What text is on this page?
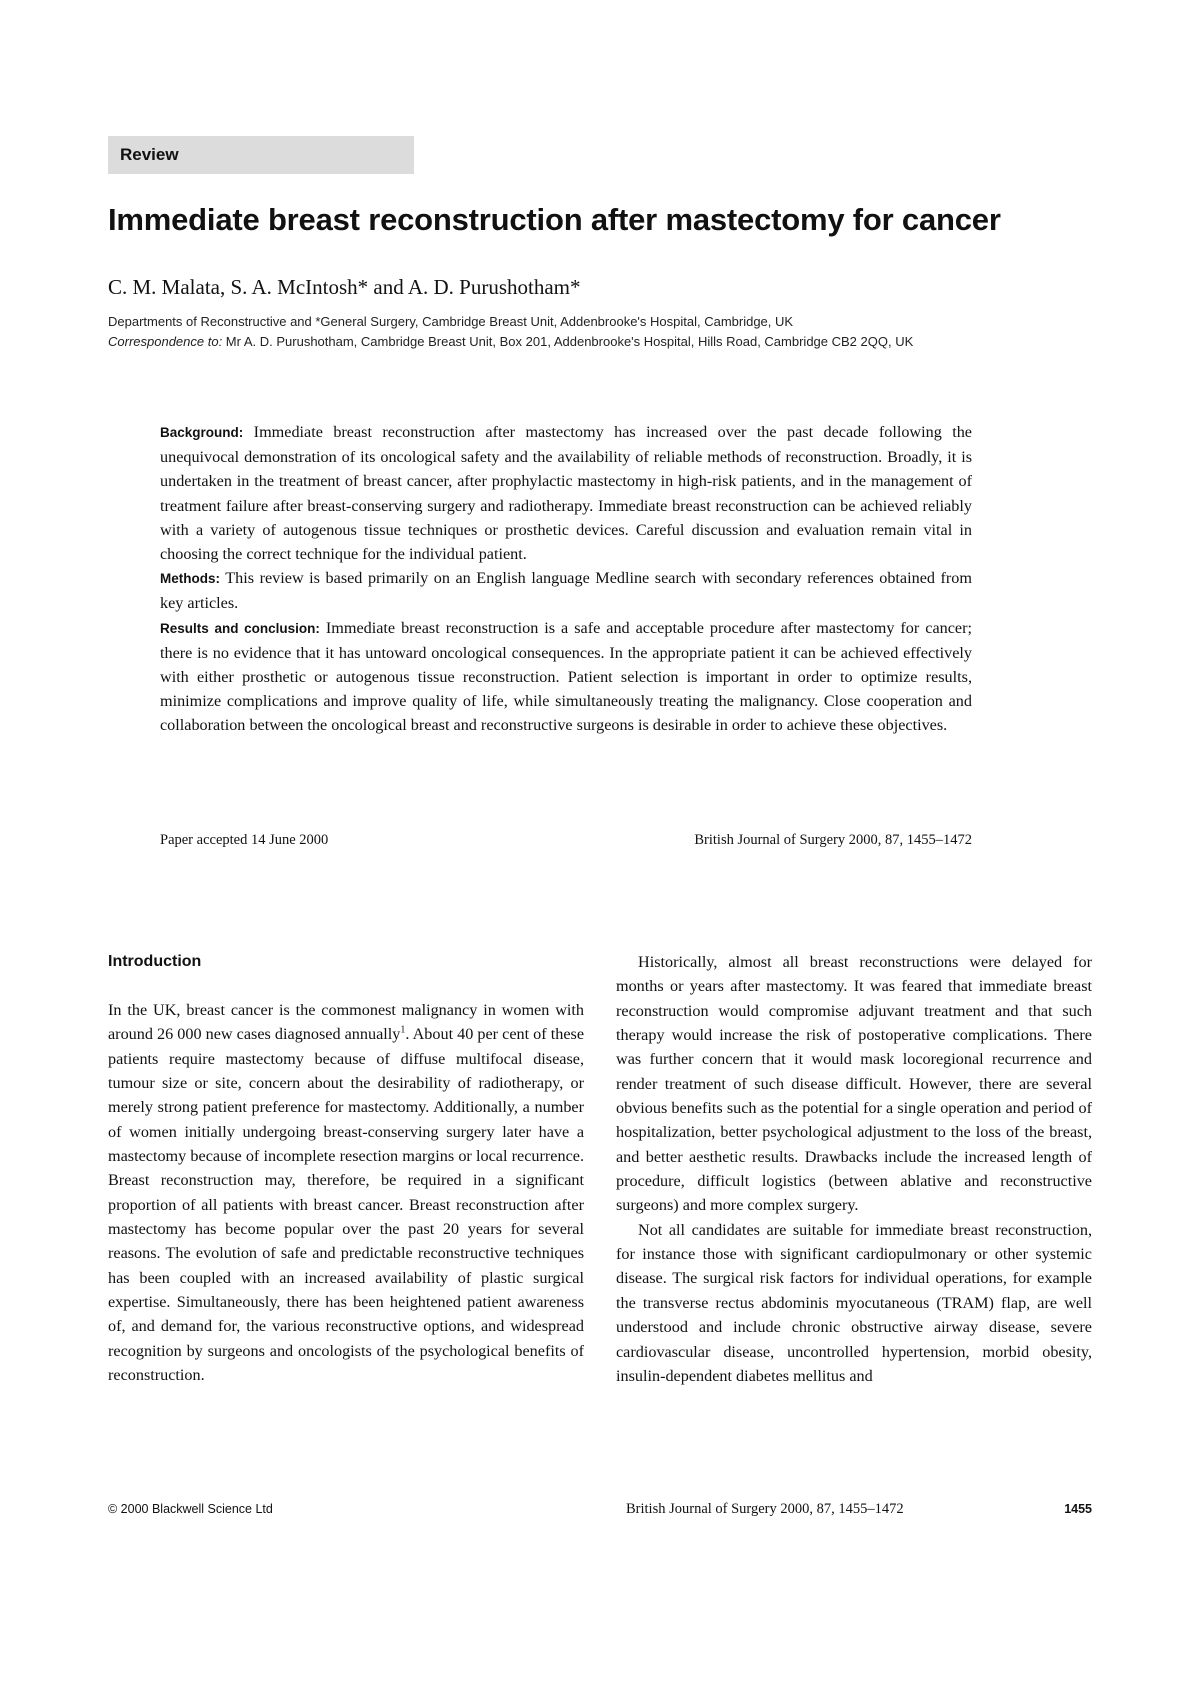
Review
Immediate breast reconstruction after mastectomy for cancer
C. M. Malata, S. A. McIntosh* and A. D. Purushotham*
Departments of Reconstructive and *General Surgery, Cambridge Breast Unit, Addenbrooke's Hospital, Cambridge, UK
Correspondence to: Mr A. D. Purushotham, Cambridge Breast Unit, Box 201, Addenbrooke's Hospital, Hills Road, Cambridge CB2 2QQ, UK

Background: Immediate breast reconstruction after mastectomy has increased over the past decade following the unequivocal demonstration of its oncological safety and the availability of reliable methods of reconstruction. Broadly, it is undertaken in the treatment of breast cancer, after prophylactic mastectomy in high-risk patients, and in the management of treatment failure after breast-conserving surgery and radiotherapy. Immediate breast reconstruction can be achieved reliably with a variety of autogenous tissue techniques or prosthetic devices. Careful discussion and evaluation remain vital in choosing the correct technique for the individual patient.

Methods: This review is based primarily on an English language Medline search with secondary references obtained from key articles.

Results and conclusion: Immediate breast reconstruction is a safe and acceptable procedure after mastectomy for cancer; there is no evidence that it has untoward oncological consequences. In the appropriate patient it can be achieved effectively with either prosthetic or autogenous tissue reconstruction. Patient selection is important in order to optimize results, minimize complications and improve quality of life, while simultaneously treating the malignancy. Close cooperation and collaboration between the oncological breast and reconstructive surgeons is desirable in order to achieve these objectives.

Paper accepted 14 June 2000	British Journal of Surgery 2000, 87, 1455–1472
Introduction

In the UK, breast cancer is the commonest malignancy in women with around 26 000 new cases diagnosed annually$^1$. About 40 per cent of these patients require mastectomy because of diffuse multifocal disease, tumour size or site, concern about the desirability of radiotherapy, or merely strong patient preference for mastectomy. Additionally, a number of women initially undergoing breast-conserving surgery later have a mastectomy because of incomplete resection margins or local recurrence. Breast reconstruction may, therefore, be required in a significant proportion of all patients with breast cancer. Breast reconstruction after mastectomy has become popular over the past 20 years for several reasons. The evolution of safe and predictable reconstructive techniques has been coupled with an increased availability of plastic surgical expertise. Simultaneously, there has been heightened patient awareness of, and demand for, the various reconstructive options, and widespread recognition by surgeons and oncologists of the psychological benefits of reconstruction.

Historically, almost all breast reconstructions were delayed for months or years after mastectomy. It was feared that immediate breast reconstruction would compromise adjuvant treatment and that such therapy would increase the risk of postoperative complications. There was further concern that it would mask locoregional recurrence and render treatment of such disease difficult. However, there are several obvious benefits such as the potential for a single operation and period of hospitalization, better psychological adjustment to the loss of the breast, and better aesthetic results. Drawbacks include the increased length of procedure, difficult logistics (between ablative and reconstructive surgeons) and more complex surgery.

Not all candidates are suitable for immediate breast reconstruction, for instance those with significant cardiopulmonary or other systemic disease. The surgical risk factors for individual operations, for example the transverse rectus abdominis myocutaneous (TRAM) flap, are well understood and include chronic obstructive airway disease, severe cardiovascular disease, uncontrolled hypertension, morbid obesity, insulin-dependent diabetes mellitus and

© 2000 Blackwell Science Ltd	British Journal of Surgery 2000, 87, 1455–1472	1455
